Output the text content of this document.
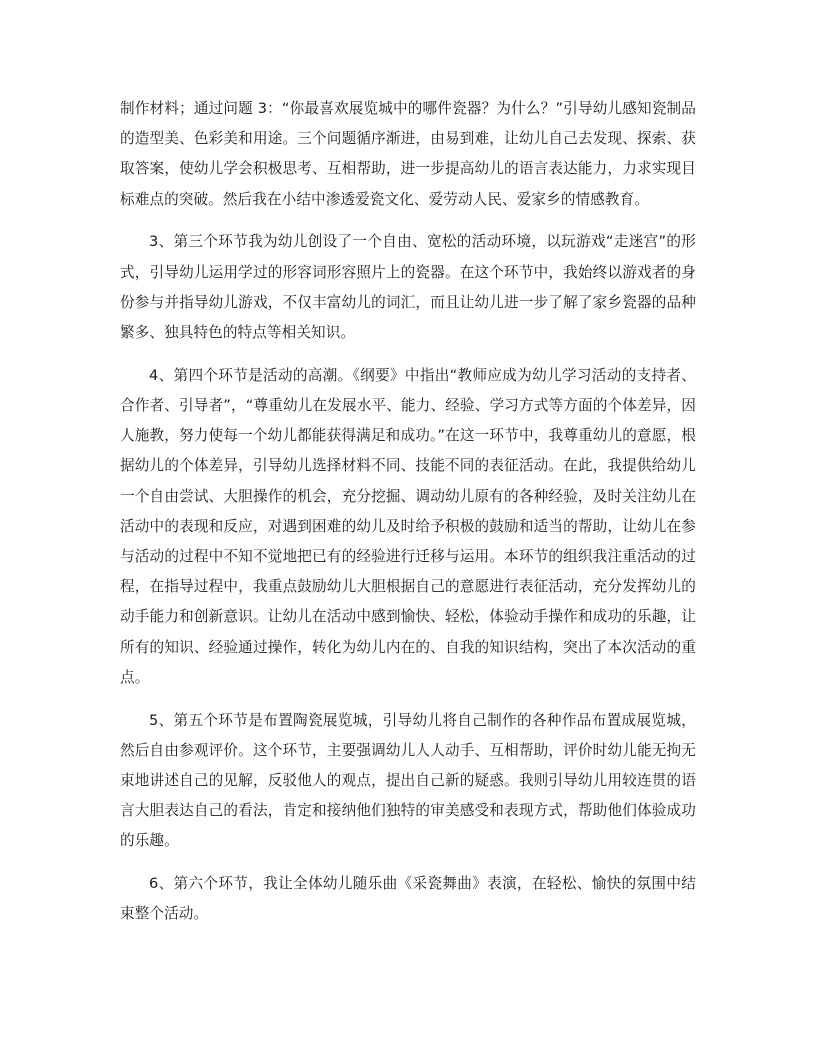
制作材料；通过问题 3：“你最喜欢展览城中的哪件瓷器？为什么？”引导幼儿感知瓷制品的造型美、色彩美和用途。三个问题循序渐进，由易到难，让幼儿自己去发现、探索、获取答案，使幼儿学会积极思考、互相帮助，进一步提高幼儿的语言表达能力，力求实现目标难点的突破。然后我在小结中渗透爱瓷文化、爱劳动人民、爱家乡的情感教育。

3、第三个环节我为幼儿创设了一个自由、宽松的活动环境，以玩游戏“走迷宫”的形式，引导幼儿运用学过的形容词形容照片上的瓷器。在这个环节中，我始终以游戏者的身份参与并指导幼儿游戏，不仅丰富幼儿的词汇，而且让幼儿进一步了解了家乡瓷器的品种繁多、独具特色的特点等相关知识。

4、第四个环节是活动的高潮。《纲要》中指出“教师应成为幼儿学习活动的支持者、合作者、引导者”，“尊重幼儿在发展水平、能力、经验、学习方式等方面的个体差异，因人施教，努力使每一个幼儿都能获得满足和成功。”在这一环节中，我尊重幼儿的意愿，根据幼儿的个体差异，引导幼儿选择材料不同、技能不同的表征活动。在此，我提供给幼儿一个自由尝试、大胆操作的机会，充分挖掘、调动幼儿原有的各种经验，及时关注幼儿在活动中的表现和反应，对遇到困难的幼儿及时给予积极的鼓励和适当的帮助，让幼儿在参与活动的过程中不知不觉地把已有的经验进行迁移与运用。本环节的组织我注重活动的过程，在指导过程中，我重点鼓励幼儿大胆根据自己的意愿进行表征活动，充分发挥幼儿的动手能力和创新意识。让幼儿在活动中感到愉快、轻松，体验动手操作和成功的乐趣，让所有的知识、经验通过操作，转化为幼儿内在的、自我的知识结构，突出了本次活动的重点。

5、第五个环节是布置陶瓷展览城，引导幼儿将自己制作的各种作品布置成展览城，然后自由参观评价。这个环节，主要强调幼儿人人动手、互相帮助，评价时幼儿能无拘无束地讲述自己的见解，反驳他人的观点，提出自己新的疑惑。我则引导幼儿用较连贯的语言大胆表达自己的看法，肯定和接纳他们独特的审美感受和表现方式，帮助他们体验成功的乐趣。

6、第六个环节，我让全体幼儿随乐曲《采瓷舞曲》表演，在轻松、愉快的氛围中结束整个活动。
